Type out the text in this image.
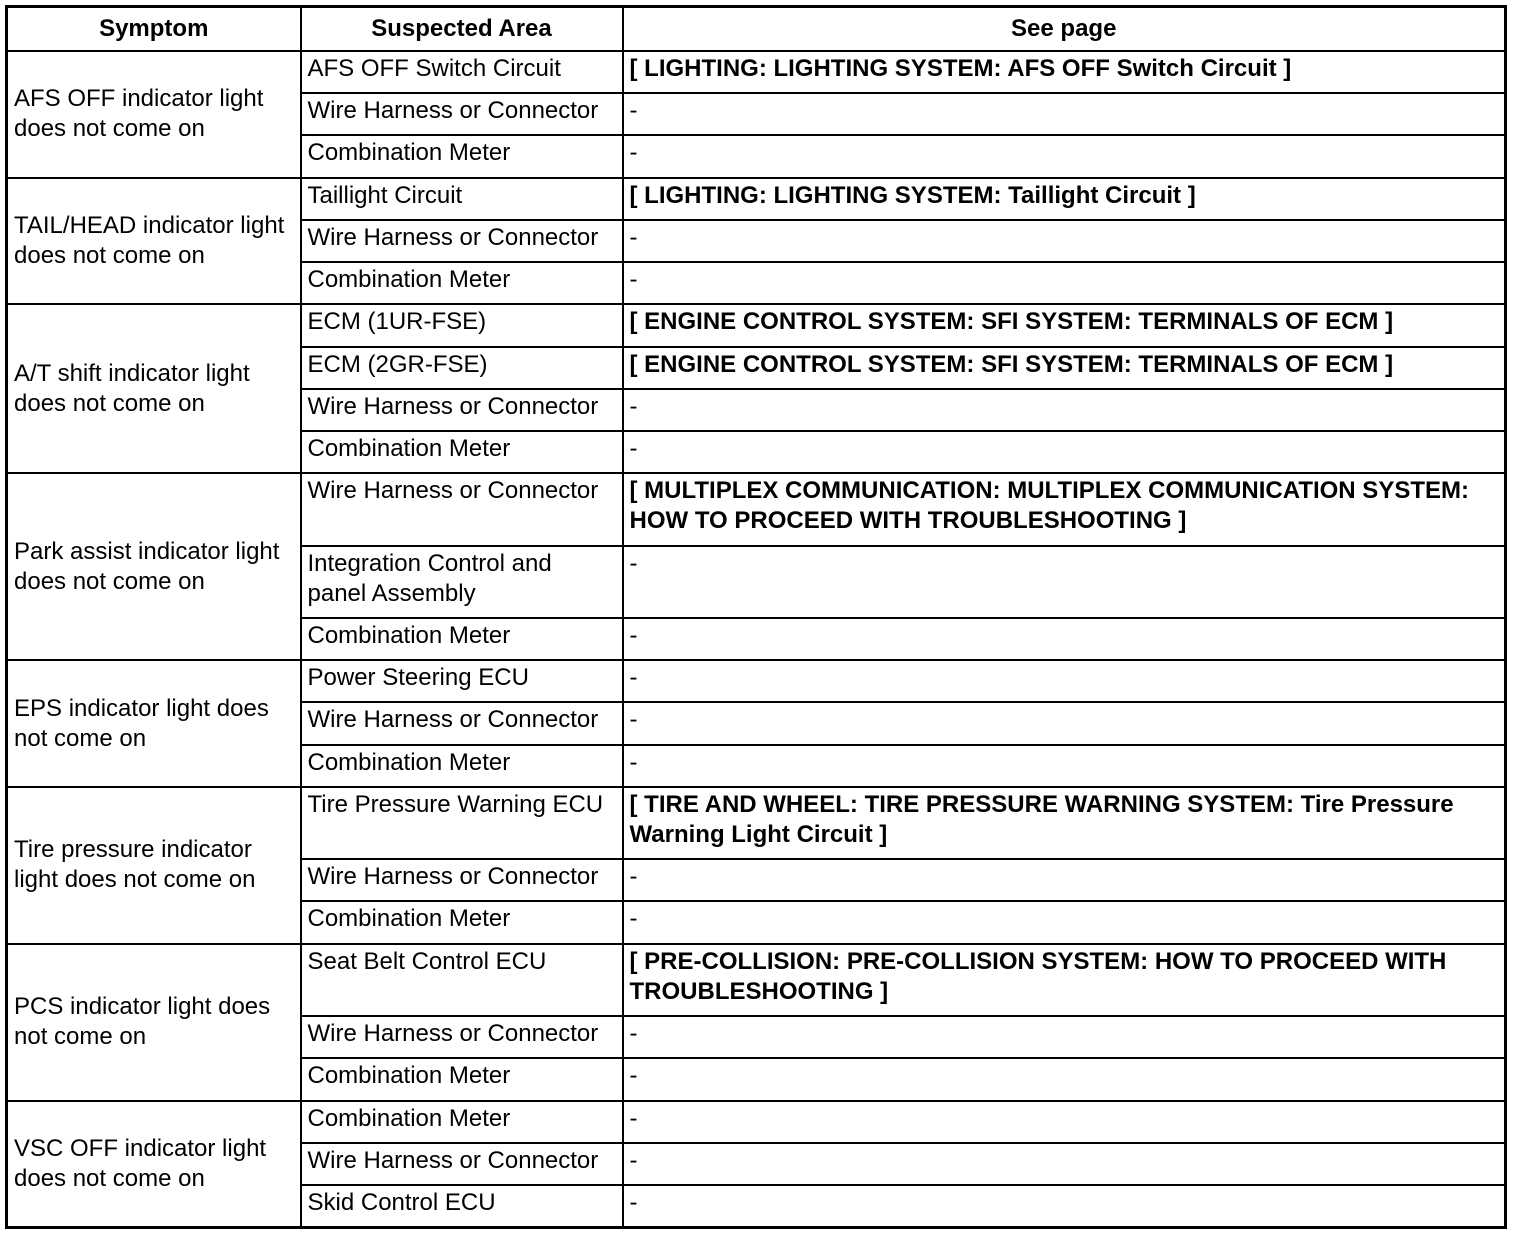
Symptom	Suspected Area	See page
AFS OFF indicator light does not come on	AFS OFF Switch Circuit	[ LIGHTING: LIGHTING SYSTEM: AFS OFF Switch Circuit ]
	Wire Harness or Connector	-
	Combination Meter	-
TAIL/HEAD indicator light does not come on	Taillight Circuit	[ LIGHTING: LIGHTING SYSTEM: Taillight Circuit ]
	Wire Harness or Connector	-
	Combination Meter	-
A/T shift indicator light does not come on	ECM (1UR-FSE)	[ ENGINE CONTROL SYSTEM: SFI SYSTEM: TERMINALS OF ECM ]
	ECM (2GR-FSE)	[ ENGINE CONTROL SYSTEM: SFI SYSTEM: TERMINALS OF ECM ]
	Wire Harness or Connector	-
	Combination Meter	-
Park assist indicator light does not come on	Wire Harness or Connector	[ MULTIPLEX COMMUNICATION: MULTIPLEX COMMUNICATION SYSTEM: HOW TO PROCEED WITH TROUBLESHOOTING ]
	Integration Control and panel Assembly	-
	Combination Meter	-
EPS indicator light does not come on	Power Steering ECU	-
	Wire Harness or Connector	-
	Combination Meter	-
Tire pressure indicator light does not come on	Tire Pressure Warning ECU	[ TIRE AND WHEEL: TIRE PRESSURE WARNING SYSTEM: Tire Pressure Warning Light Circuit ]
	Wire Harness or Connector	-
	Combination Meter	-
PCS indicator light does not come on	Seat Belt Control ECU	[ PRE-COLLISION: PRE-COLLISION SYSTEM: HOW TO PROCEED WITH TROUBLESHOOTING ]
	Wire Harness or Connector	-
	Combination Meter	-
VSC OFF indicator light does not come on	Combination Meter	-
	Wire Harness or Connector	-
	Skid Control ECU	-
